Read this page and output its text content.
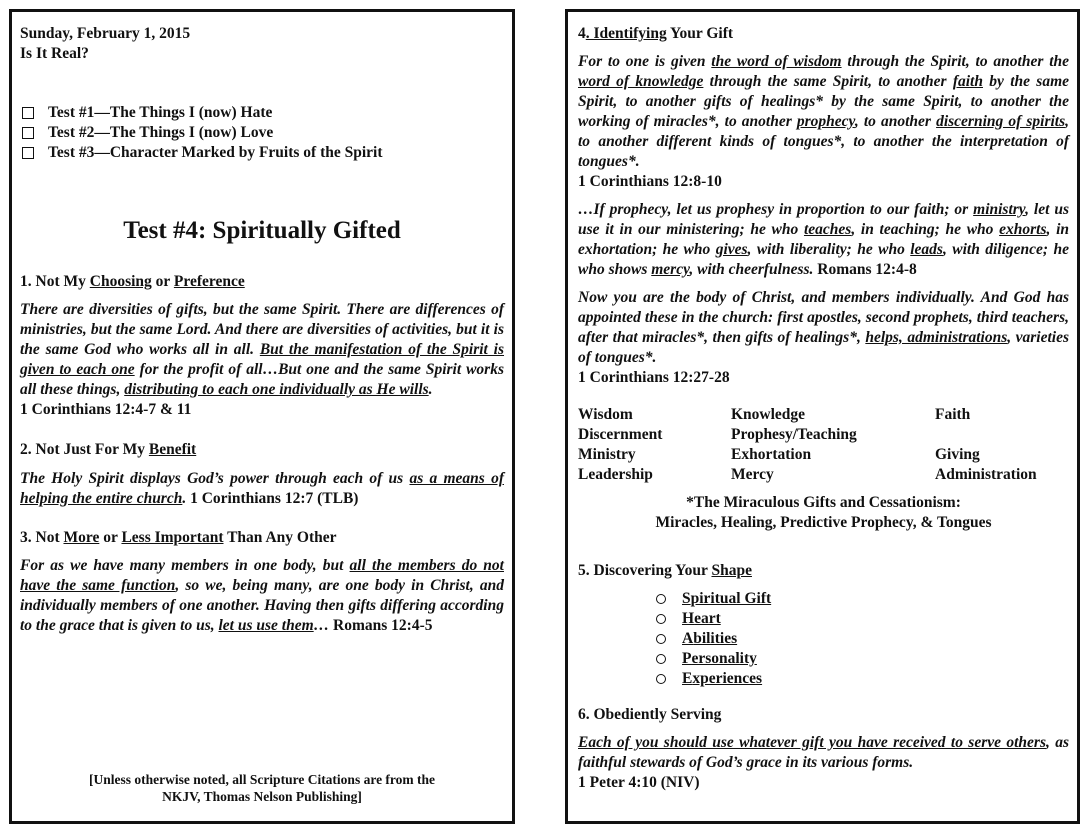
Sunday, February 1, 2015

Is It Real?

Test #1—The Things I (now) Hate
Test #2—The Things I (now) Love
Test #3—Character Marked by Fruits of the Spirit

Test #4: Spiritually Gifted

1. Not My Choosing or Preference

There are diversities of gifts, but the same Spirit. There are differences of ministries, but the same Lord. And there are diversities of activities, but it is the same God who works all in all. But the manifestation of the Spirit is given to each one for the profit of all…But one and the same Spirit works all these things, distributing to each one individually as He wills.

1 Corinthians 12:4-7 & 11

2. Not Just For My Benefit

The Holy Spirit displays God’s power through each of us as a means of helping the entire church. 1 Corinthians 12:7 (TLB)

3. Not More or Less Important Than Any Other

For as we have many members in one body, but all the members do not have the same function, so we, being many, are one body in Christ, and individually members of one another. Having then gifts differing according to the grace that is given to us, let us use them… Romans 12:4-5

[Unless otherwise noted, all Scripture Citations are from the
NKJV, Thomas Nelson Publishing]

4. Identifying Your Gift

For to one is given the word of wisdom through the Spirit, to another the word of knowledge through the same Spirit, to another faith by the same Spirit, to another gifts of healings* by the same Spirit, to another the working of miracles*, to another prophecy, to another discerning of spirits, to another different kinds of tongues*, to another the interpretation of tongues*.

1 Corinthians 12:8-10

…If prophecy, let us prophesy in proportion to our faith; or ministry, let us use it in our ministering; he who teaches, in teaching; he who exhorts, in exhortation; he who gives, with liberality; he who leads, with diligence; he who shows mercy, with cheerfulness. Romans 12:4-8

Now you are the body of Christ, and members individually. And God has appointed these in the church: first apostles, second prophets, third teachers, after that miracles*, then gifts of healings*, helps, administrations, varieties of tongues*.

1 Corinthians 12:27-28

Wisdom	Knowledge	Faith
Discernment	Prophesy/Teaching
Ministry	Exhortation	Giving
Leadership	Mercy	Administration

*The Miraculous Gifts and Cessationism:
Miracles, Healing, Predictive Prophecy, & Tongues

5. Discovering Your Shape

Spiritual Gift
Heart
Abilities
Personality
Experiences

6. Obediently Serving

Each of you should use whatever gift you have received to serve others, as faithful stewards of God’s grace in its various forms.

1 Peter 4:10 (NIV)
